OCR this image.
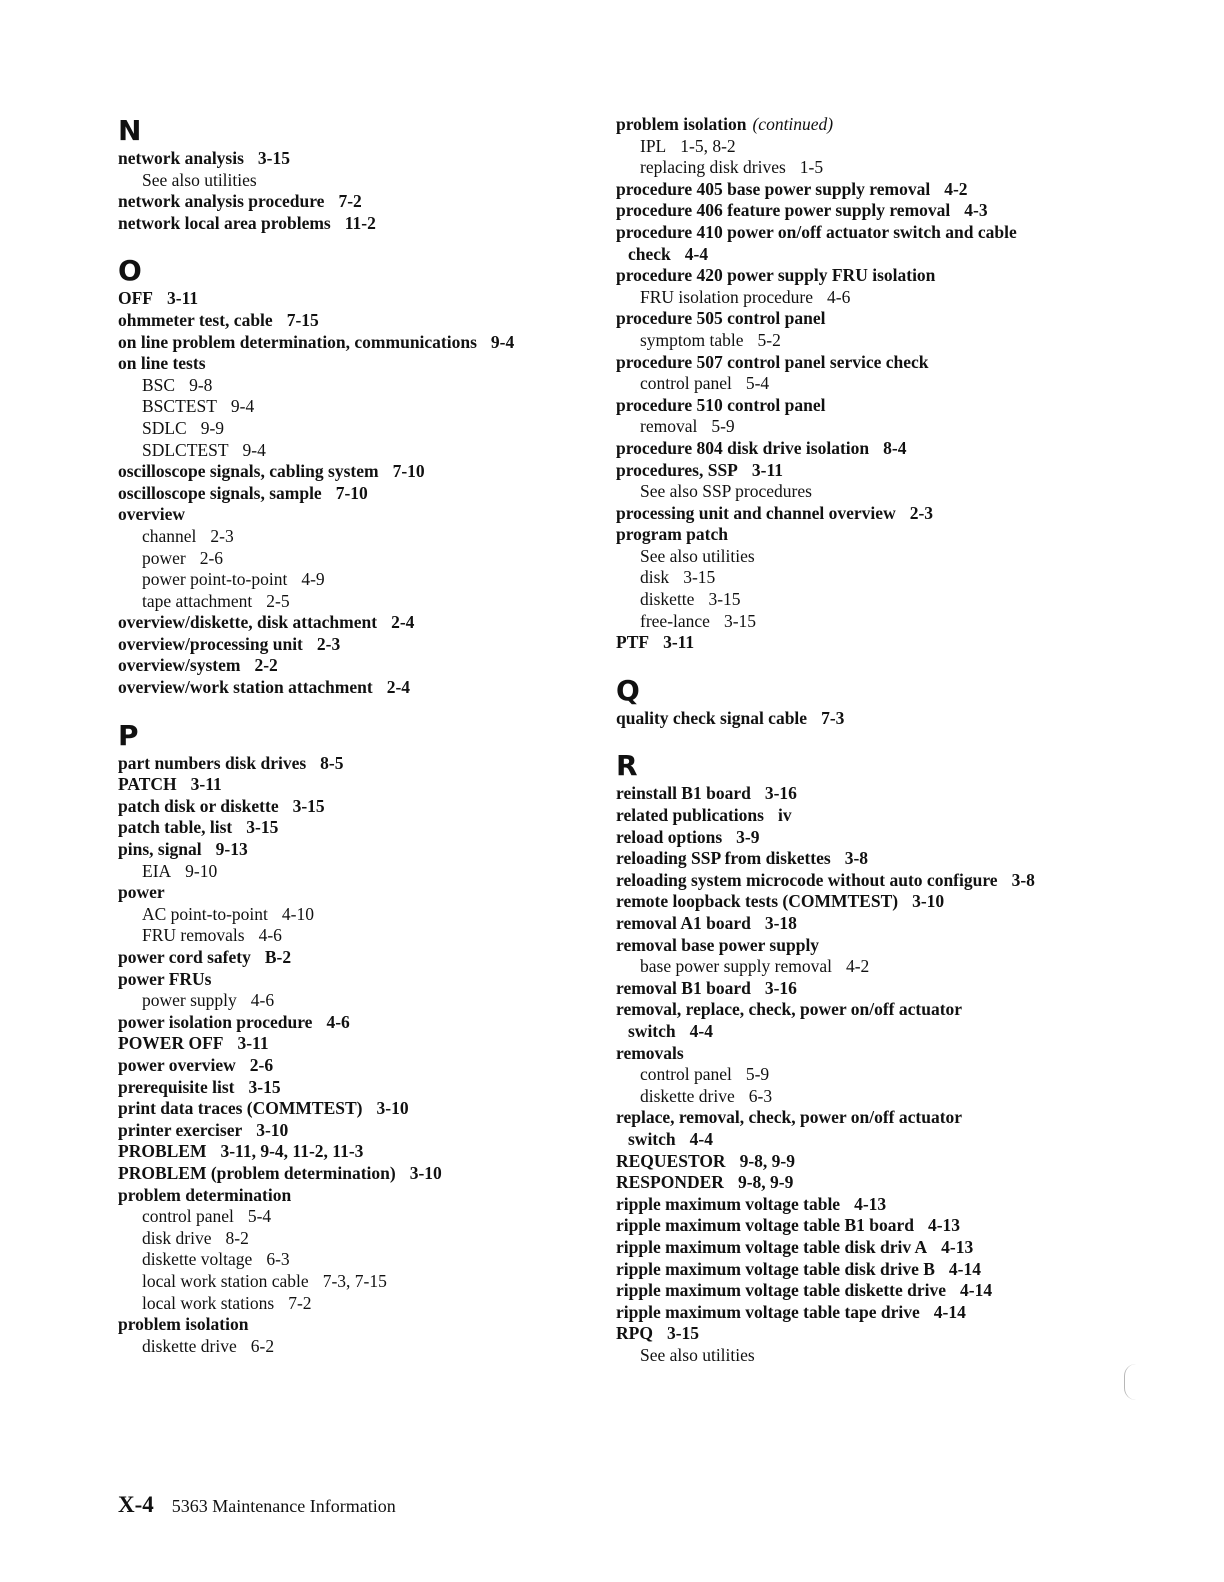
N
network analysis 3-15
See also utilities
network analysis procedure 7-2
network local area problems 11-2
O
OFF 3-11
ohmmeter test, cable 7-15
on line problem determination, communications 9-4
on line tests
BSC 9-8
BSCTEST 9-4
SDLC 9-9
SDLCTEST 9-4
oscilloscope signals, cabling system 7-10
oscilloscope signals, sample 7-10
overview
channel 2-3
power 2-6
power point-to-point 4-9
tape attachment 2-5
overview/diskette, disk attachment 2-4
overview/processing unit 2-3
overview/system 2-2
overview/work station attachment 2-4
P
part numbers disk drives 8-5
PATCH 3-11
patch disk or diskette 3-15
patch table, list 3-15
pins, signal 9-13
EIA 9-10
power
AC point-to-point 4-10
FRU removals 4-6
power cord safety B-2
power FRUs
power supply 4-6
power isolation procedure 4-6
POWER OFF 3-11
power overview 2-6
prerequisite list 3-15
print data traces (COMMTEST) 3-10
printer exerciser 3-10
PROBLEM 3-11, 9-4, 11-2, 11-3
PROBLEM (problem determination) 3-10
problem determination
control panel 5-4
disk drive 8-2
diskette voltage 6-3
local work station cable 7-3, 7-15
local work stations 7-2
problem isolation
diskette drive 6-2
problem isolation (continued)
IPL 1-5, 8-2
replacing disk drives 1-5
procedure 405 base power supply removal 4-2
procedure 406 feature power supply removal 4-3
procedure 410 power on/off actuator switch and cable
check 4-4
procedure 420 power supply FRU isolation
FRU isolation procedure 4-6
procedure 505 control panel
symptom table 5-2
procedure 507 control panel service check
control panel 5-4
procedure 510 control panel
removal 5-9
procedure 804 disk drive isolation 8-4
procedures, SSP 3-11
See also SSP procedures
processing unit and channel overview 2-3
program patch
See also utilities
disk 3-15
diskette 3-15
free-lance 3-15
PTF 3-11
Q
quality check signal cable 7-3
R
reinstall B1 board 3-16
related publications iv
reload options 3-9
reloading SSP from diskettes 3-8
reloading system microcode without auto configure 3-8
remote loopback tests (COMMTEST) 3-10
removal A1 board 3-18
removal base power supply
base power supply removal 4-2
removal B1 board 3-16
removal, replace, check, power on/off actuator
switch 4-4
removals
control panel 5-9
diskette drive 6-3
replace, removal, check, power on/off actuator
switch 4-4
REQUESTOR 9-8, 9-9
RESPONDER 9-8, 9-9
ripple maximum voltage table 4-13
ripple maximum voltage table B1 board 4-13
ripple maximum voltage table disk driv A 4-13
ripple maximum voltage table disk drive B 4-14
ripple maximum voltage table diskette drive 4-14
ripple maximum voltage table tape drive 4-14
RPQ 3-15
See also utilities
X-4 5363 Maintenance Information
